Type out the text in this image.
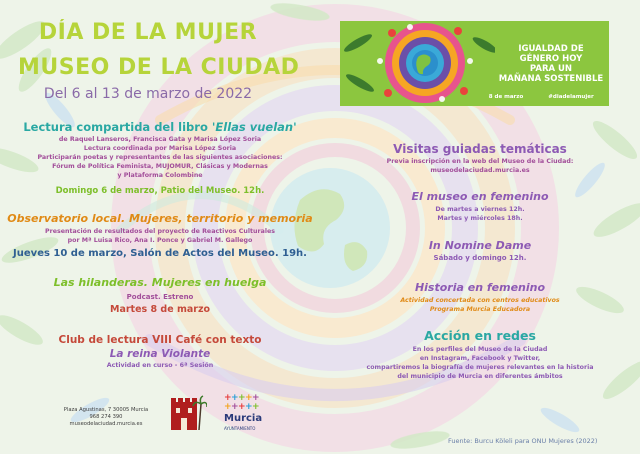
DÍA DE LA MUJER
MUSEO DE LA CIUDAD
Del 6 al 13 de marzo de 2022
IGUALDAD DE
GÉNERO HOY
PARA UN
MAÑANA SOSTENIBLE
8 de marzo	#diadelamujer
Lectura compartida del libro 'Ellas vuelan'
de Raquel Lanseros, Francisca Gata y Marisa López Soria
Lectura coordinada por Marisa López Soria
Participarán poetas y representantes de las siguientes asociaciones:
Fórum de Política Feminista, MUJOMUR, Clásicas y Modernas
y Plataforma Colombine
Domingo 6 de marzo, Patio del Museo. 12h.
Observatorio local. Mujeres, territorio y memoria
Presentación de resultados del proyecto de Reactivos Culturales
por Mª Luisa Rico, Ana I. Ponce y Gabriel M. Gallego
Jueves 10 de marzo, Salón de Actos del Museo. 19h.
Las hilanderas. Mujeres en huelga
Podcast. Estreno
Martes 8 de marzo
Club de lectura VIII Café con texto
La reina Violante
Actividad en curso - 6ª Sesión
Visitas guiadas temáticas
Previa inscripción en la web del Museo de la Ciudad:
museodelaciudad.murcia.es
El museo en femenino
De martes a viernes 12h.
Martes y miércoles 18h.
In Nomine Dame
Sábado y domingo 12h.
Historia en femenino
Actividad concertada con centros educativos
Programa Murcia Educadora
Acción en redes
En los perfiles del Museo de la Ciudad
en Instagram, Facebook y Twitter,
compartiremos la biografía de mujeres relevantes en la historia
del municipio de Murcia en diferentes ámbitos
Plaza Agustinas, 7 30005 Murcia
968 274 390
museodelaciudad.murcia.es
+ + + + +
+ + + + +
Murcia
AYUNTAMIENTO
Fuente: Burcu Köleli para ONU Mujeres (2022)
